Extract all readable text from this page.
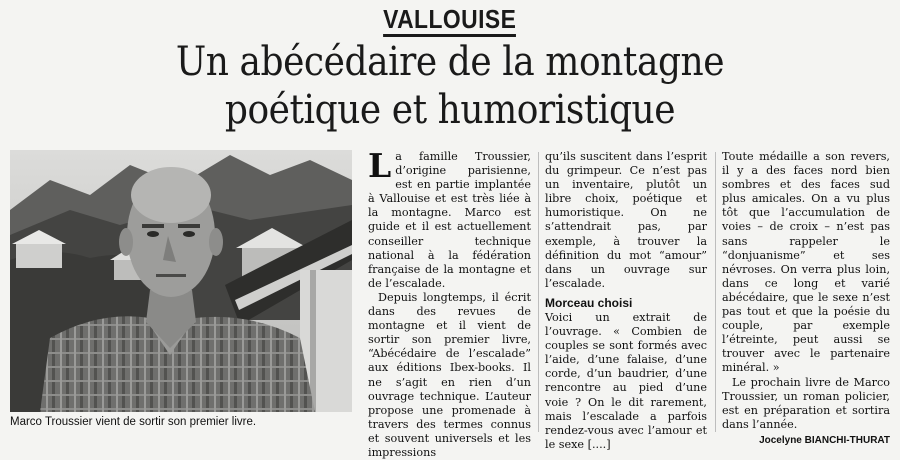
VALLOUISE
Un abécédaire de la montagne
poétique et humoristique
Marco Troussier vient de sortir son premier livre.

La famille Troussier, d’origine parisienne, est en partie implantée à Vallouise et est très liée à la montagne. Marco est guide et il est actuellement conseiller technique national à la fédération française de la montagne et de l’escalade.

Depuis longtemps, il écrit dans des revues de montagne et il vient de sortir son premier livre, “Abécédaire de l’escalade” aux éditions Ibex-books. Il ne s’agit en rien d’un ouvrage technique. L’auteur propose une promenade à travers des termes connus et souvent universels et les impressions

qu’ils suscitent dans l’esprit du grimpeur. Ce n’est pas un inventaire, plutôt un libre choix, poétique et humoristique. On ne s’attendrait pas, par exemple, à trouver la définition du mot “amour” dans un ouvrage sur l’escalade.

Morceau choisi

Voici un extrait de l’ouvrage. « Combien de couples se sont formés avec l’aide, d’une falaise, d’une corde, d’un baudrier, d’une rencontre au pied d’une voie ? On le dit rarement, mais l’escalade a parfois rendez-vous avec l’amour et le sexe [....]

Toute médaille a son revers, il y a des faces nord bien sombres et des faces sud plus amicales. On a vu plus tôt que l’accumulation de voies – de croix – n’est pas sans rappeler le “donjuanisme” et ses névroses. On verra plus loin, dans ce long et varié abécédaire, que le sexe n’est pas tout et que la poésie du couple, par exemple l’étreinte, peut aussi se trouver avec le partenaire minéral. »

Le prochain livre de Marco Troussier, un roman policier, est en préparation et sortira dans l’année.

Jocelyne BIANCHI-THURAT
